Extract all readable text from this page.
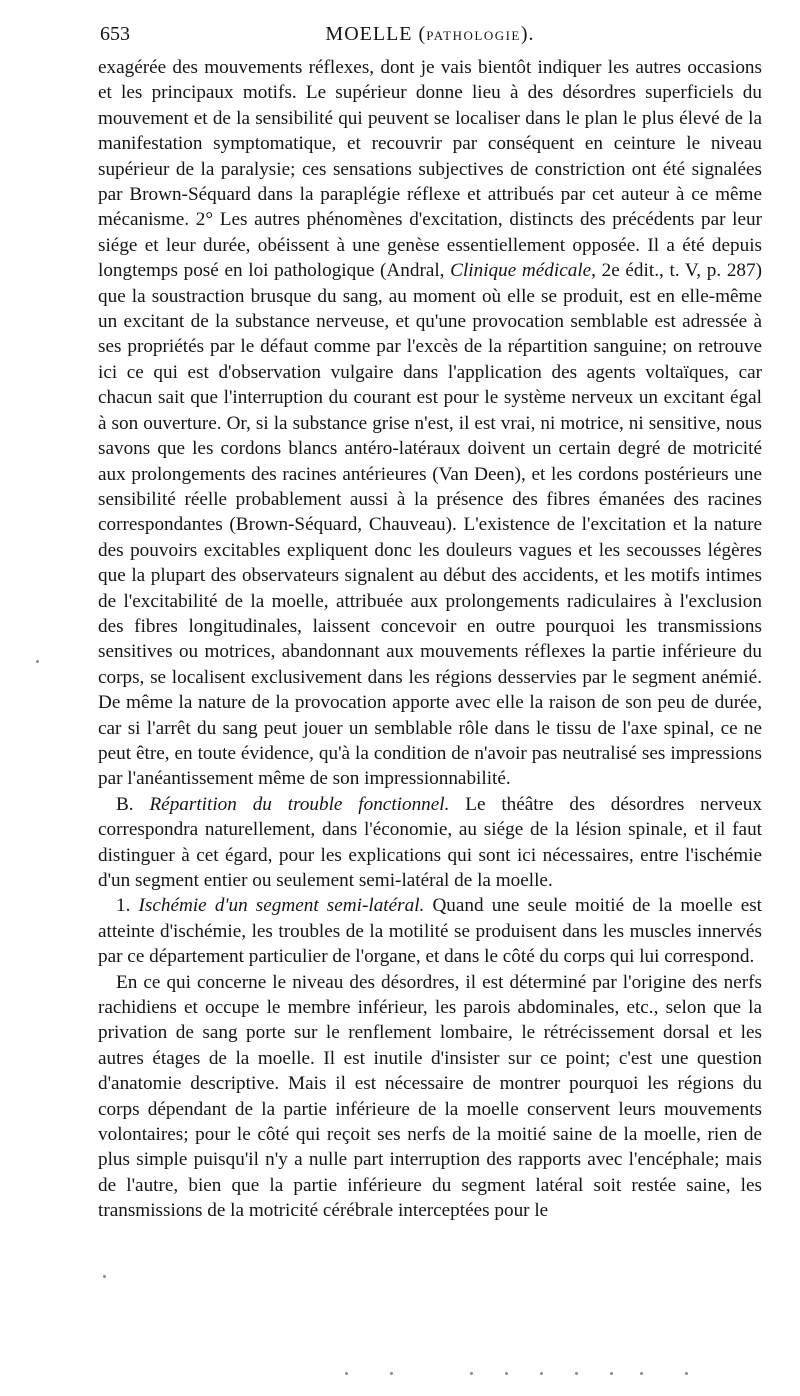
653	MOELLE (PATHOLOGIE).

exagérée des mouvements réflexes, dont je vais bientôt indiquer les autres occasions et les principaux motifs. Le supérieur donne lieu à des désordres superficiels du mouvement et de la sensibilité qui peuvent se localiser dans le plan le plus élevé de la manifestation symptomatique, et recouvrir par conséquent en ceinture le niveau supérieur de la paralysie; ces sensations subjectives de constriction ont été signalées par Brown-Séquard dans la paraplégie réflexe et attribués par cet auteur à ce même mécanisme. 2° Les autres phénomènes d'excitation, distincts des précédents par leur siége et leur durée, obéissent à une genèse essentiellement opposée. Il a été depuis longtemps posé en loi pathologique (Andral, Clinique médicale, 2e édit., t. V, p. 287) que la soustraction brusque du sang, au moment où elle se produit, est en elle-même un excitant de la substance nerveuse, et qu'une provocation semblable est adressée à ses propriétés par le défaut comme par l'excès de la répartition sanguine; on retrouve ici ce qui est d'observation vulgaire dans l'application des agents voltaïques, car chacun sait que l'interruption du courant est pour le système nerveux un excitant égal à son ouverture. Or, si la substance grise n'est, il est vrai, ni motrice, ni sensitive, nous savons que les cordons blancs antéro-latéraux doivent un certain degré de motricité aux prolongements des racines antérieures (Van Deen), et les cordons postérieurs une sensibilité réelle probablement aussi à la présence des fibres émanées des racines correspondantes (Brown-Séquard, Chauveau). L'existence de l'excitation et la nature des pouvoirs excitables expliquent donc les douleurs vagues et les secousses légères que la plupart des observateurs signalent au début des accidents, et les motifs intimes de l'excitabilité de la moelle, attribuée aux prolongements radiculaires à l'exclusion des fibres longitudinales, laissent concevoir en outre pourquoi les transmissions sensitives ou motrices, abandonnant aux mouvements réflexes la partie inférieure du corps, se localisent exclusivement dans les régions desservies par le segment anémié. De même la nature de la provocation apporte avec elle la raison de son peu de durée, car si l'arrêt du sang peut jouer un semblable rôle dans le tissu de l'axe spinal, ce ne peut être, en toute évidence, qu'à la condition de n'avoir pas neutralisé ses impressions par l'anéantissement même de son impressionnabilité.

B. Répartition du trouble fonctionnel. Le théâtre des désordres nerveux correspondra naturellement, dans l'économie, au siége de la lésion spinale, et il faut distinguer à cet égard, pour les explications qui sont ici nécessaires, entre l'ischémie d'un segment entier ou seulement semi-latéral de la moelle.

1. Ischémie d'un segment semi-latéral. Quand une seule moitié de la moelle est atteinte d'ischémie, les troubles de la motilité se produisent dans les muscles innervés par ce département particulier de l'organe, et dans le côté du corps qui lui correspond.

En ce qui concerne le niveau des désordres, il est déterminé par l'origine des nerfs rachidiens et occupe le membre inférieur, les parois abdominales, etc., selon que la privation de sang porte sur le renflement lombaire, le rétrécissement dorsal et les autres étages de la moelle. Il est inutile d'insister sur ce point; c'est une question d'anatomie descriptive. Mais il est nécessaire de montrer pourquoi les régions du corps dépendant de la partie inférieure de la moelle conservent leurs mouvements volontaires; pour le côté qui reçoit ses nerfs de la moitié saine de la moelle, rien de plus simple puisqu'il n'y a nulle part interruption des rapports avec l'encéphale; mais de l'autre, bien que la partie inférieure du segment latéral soit restée saine, les transmissions de la motricité cérébrale interceptées pour le
